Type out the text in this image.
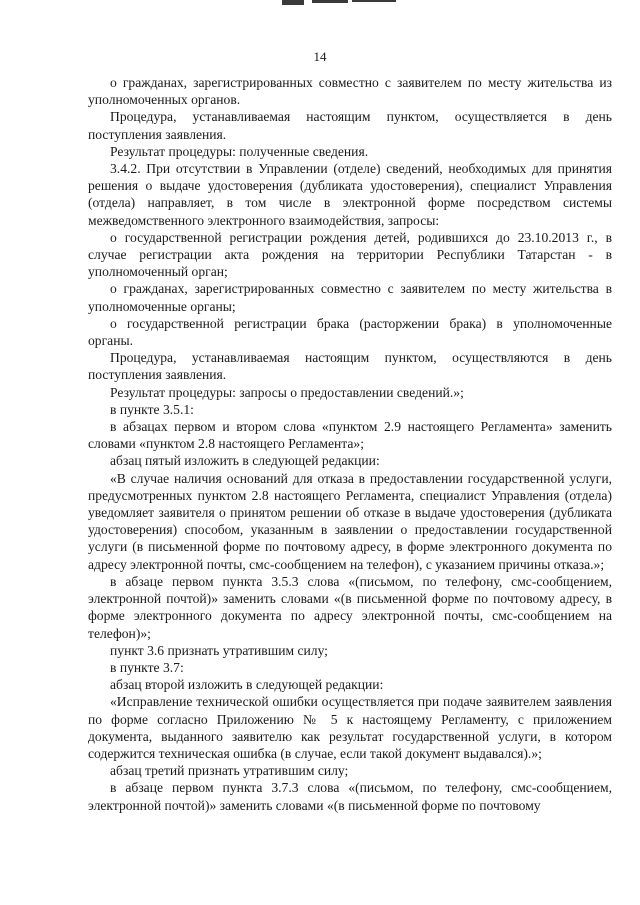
14

о гражданах, зарегистрированных совместно с заявителем по месту жительства из уполномоченных органов.

Процедура, устанавливаемая настоящим пунктом, осуществляется в день поступления заявления.

Результат процедуры: полученные сведения.

3.4.2. При отсутствии в Управлении (отделе) сведений, необходимых для принятия решения о выдаче удостоверения (дубликата удостоверения), специалист Управления (отдела) направляет, в том числе в электронной форме посредством системы межведомственного электронного взаимодействия, запросы:

о государственной регистрации рождения детей, родившихся до 23.10.2013 г., в случае регистрации акта рождения на территории Республики Татарстан - в уполномоченный орган;

о гражданах, зарегистрированных совместно с заявителем по месту жительства в уполномоченные органы;

о государственной регистрации брака (расторжении брака) в уполномоченные органы.

Процедура, устанавливаемая настоящим пунктом, осуществляются в день поступления заявления.

Результат процедуры: запросы о предоставлении сведений.»;

в пункте 3.5.1:

в абзацах первом и втором слова «пунктом 2.9 настоящего Регламента» заменить словами «пунктом 2.8 настоящего Регламента»;

абзац пятый изложить в следующей редакции:

«В случае наличия оснований для отказа в предоставлении государственной услуги, предусмотренных пунктом 2.8 настоящего Регламента, специалист Управления (отдела) уведомляет заявителя о принятом решении об отказе в выдаче удостоверения (дубликата удостоверения) способом, указанным в заявлении о предоставлении государственной услуги (в письменной форме по почтовому адресу, в форме электронного документа по адресу электронной почты, смс-сообщением на телефон), с указанием причины отказа.»;

в абзаце первом пункта 3.5.3 слова «(письмом, по телефону, смс-сообщением, электронной почтой)» заменить словами «(в письменной форме по почтовому адресу, в форме электронного документа по адресу электронной почты, смс-сообщением на телефон)»;

пункт 3.6 признать утратившим силу;

в пункте 3.7:

абзац второй изложить в следующей редакции:

«Исправление технической ошибки осуществляется при подаче заявителем заявления по форме согласно Приложению № 5 к настоящему Регламенту, с приложением документа, выданного заявителю как результат государственной услуги, в котором содержится техническая ошибка (в случае, если такой документ выдавался).»;

абзац третий признать утратившим силу;

в абзаце первом пункта 3.7.3 слова «(письмом, по телефону, смс-сообщением, электронной почтой)» заменить словами «(в письменной форме по почтовому
